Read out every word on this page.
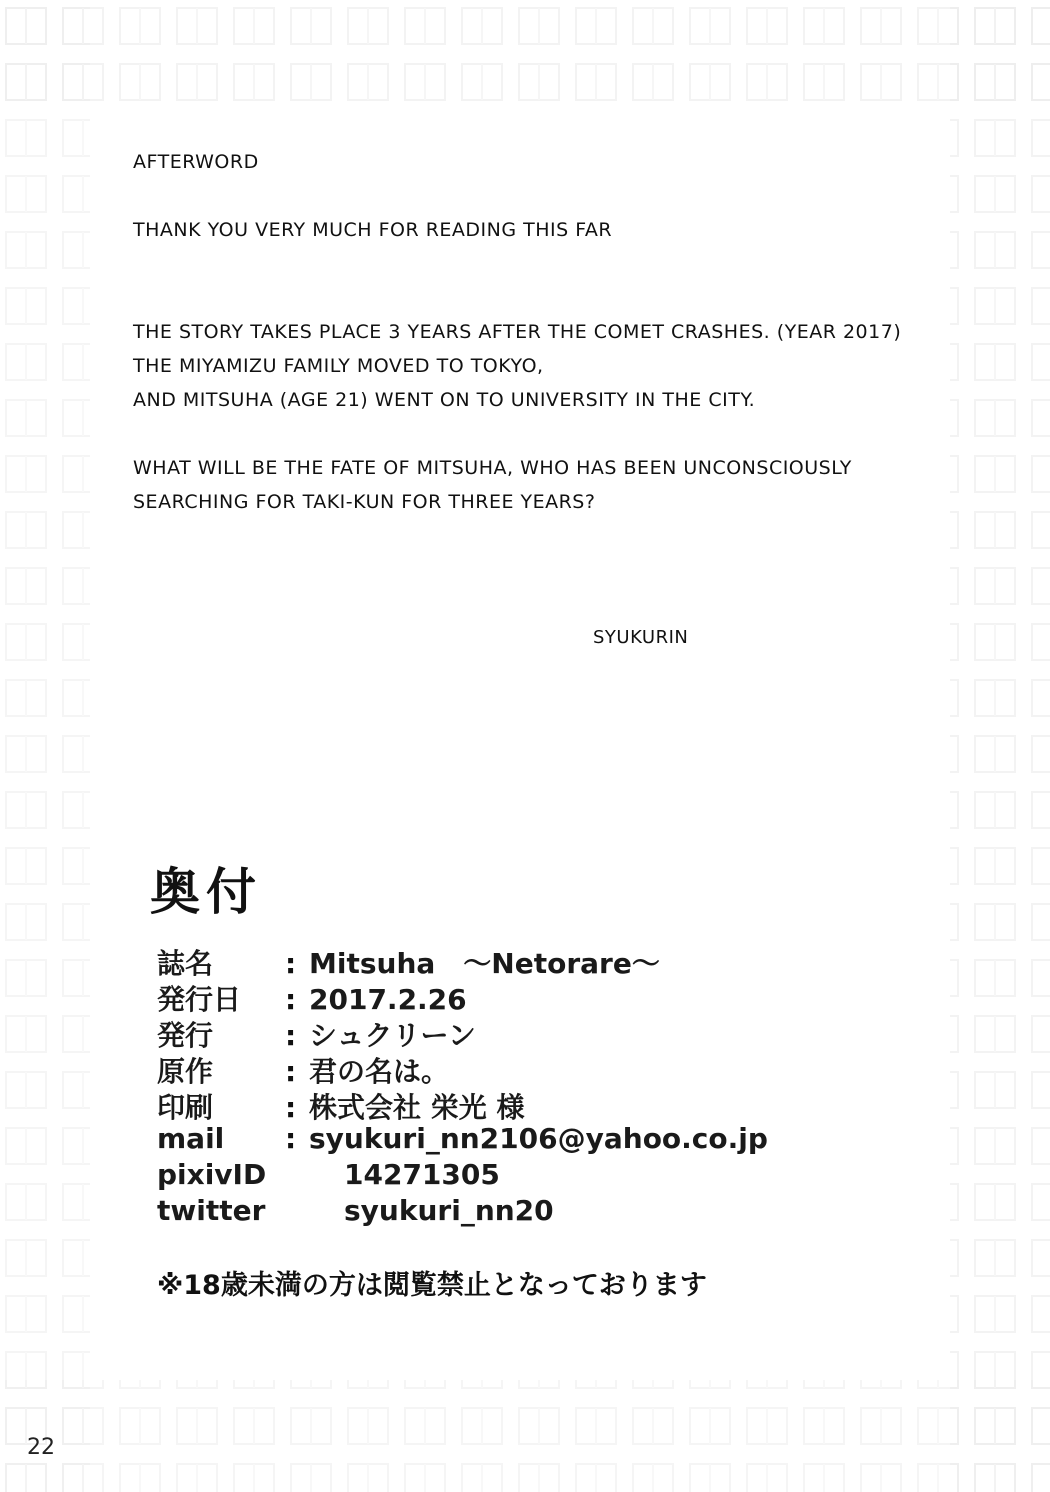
AFTERWORD
THANK YOU VERY MUCH FOR READING THIS FAR
THE STORY TAKES PLACE 3 YEARS AFTER THE COMET CRASHES. (YEAR 2017)
THE MIYAMIZU FAMILY MOVED TO TOKYO,
AND MITSUHA (AGE 21) WENT ON TO UNIVERSITY IN THE CITY.
WHAT WILL BE THE FATE OF MITSUHA, WHO HAS BEEN UNCONSCIOUSLY
SEARCHING FOR TAKI-KUN FOR THREE YEARS?
SYUKURIN
奥付
誌名	: Mitsuha　～Netorare～
発行日	: 2017.2.26
発行	: シュクリーン
原作	: 君の名は。
印刷	: 株式会社 栄光 様
mail	: syukuri_nn2106@yahoo.co.jp
pixivID	14271305
twitter	syukuri_nn20
※18歳未満の方は閲覧禁止となっております
22
